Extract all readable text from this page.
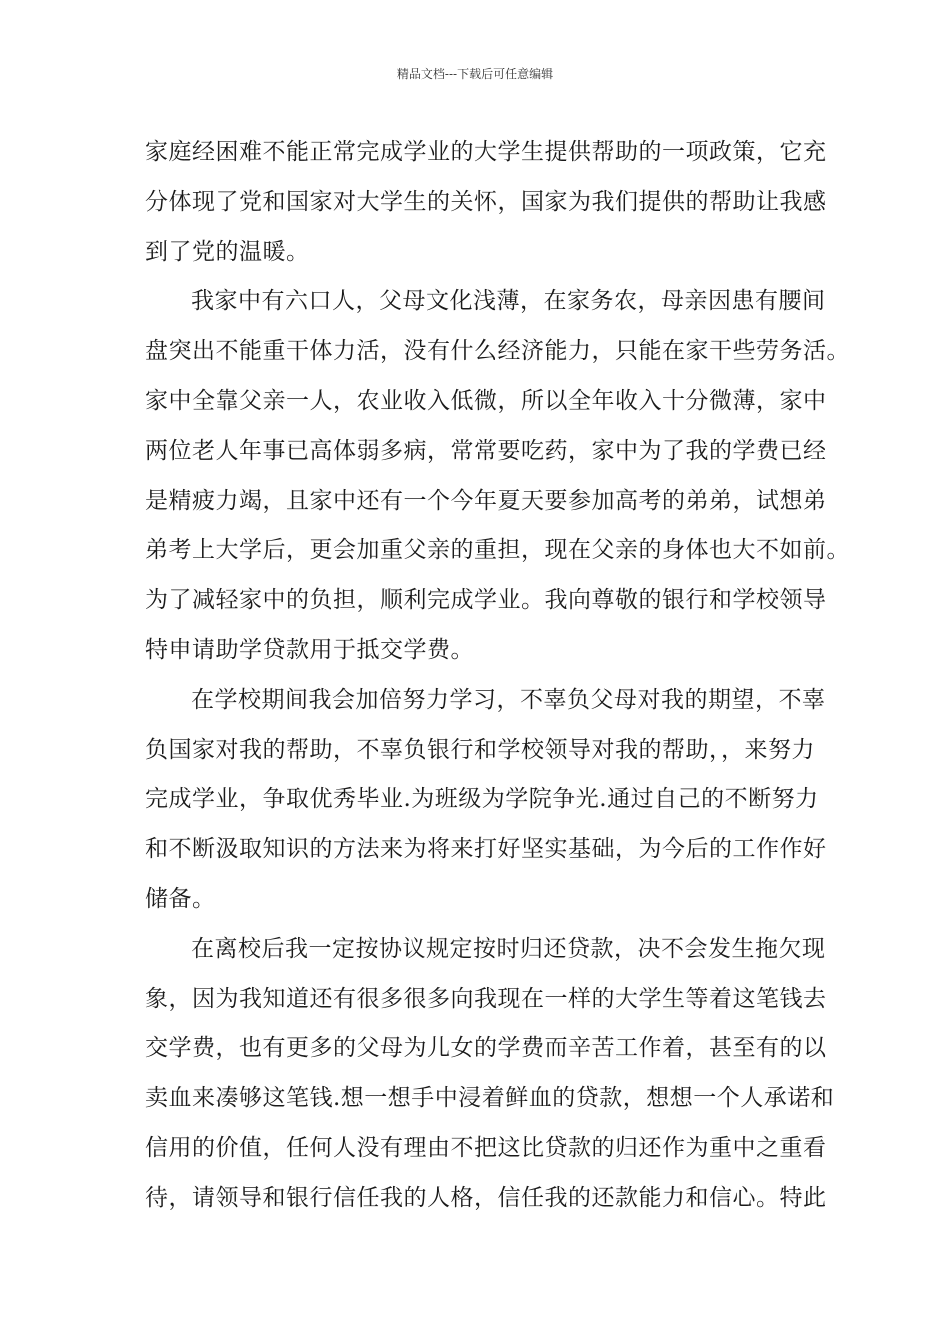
精品文档---下载后可任意编辑
家庭经困难不能正常完成学业的大学生提供帮助的一项政策，它充
分体现了党和国家对大学生的关怀，国家为我们提供的帮助让我感
到了党的温暖。
我家中有六口人，父母文化浅薄，在家务农，母亲因患有腰间
盘突出不能重干体力活，没有什么经济能力，只能在家干些劳务活。
家中全靠父亲一人，农业收入低微，所以全年收入十分微薄，家中
两位老人年事已高体弱多病，常常要吃药，家中为了我的学费已经
是精疲力竭，且家中还有一个今年夏天要参加高考的弟弟，试想弟
弟考上大学后，更会加重父亲的重担，现在父亲的身体也大不如前。
为了减轻家中的负担，顺利完成学业。我向尊敬的银行和学校领导
特申请助学贷款用于抵交学费。
在学校期间我会加倍努力学习，不辜负父母对我的期望，不辜
负国家对我的帮助，不辜负银行和学校领导对我的帮助，，来努力
完成学业，争取优秀毕业.为班级为学院争光.通过自己的不断努力
和不断汲取知识的方法来为将来打好坚实基础，为今后的工作作好
储备。
在离校后我一定按协议规定按时归还贷款，决不会发生拖欠现
象，因为我知道还有很多很多向我现在一样的大学生等着这笔钱去
交学费，也有更多的父母为儿女的学费而辛苦工作着，甚至有的以
卖血来凑够这笔钱.想一想手中浸着鲜血的贷款，想想一个人承诺和
信用的价值，任何人没有理由不把这比贷款的归还作为重中之重看
待，请领导和银行信任我的人格，信任我的还款能力和信心。特此
